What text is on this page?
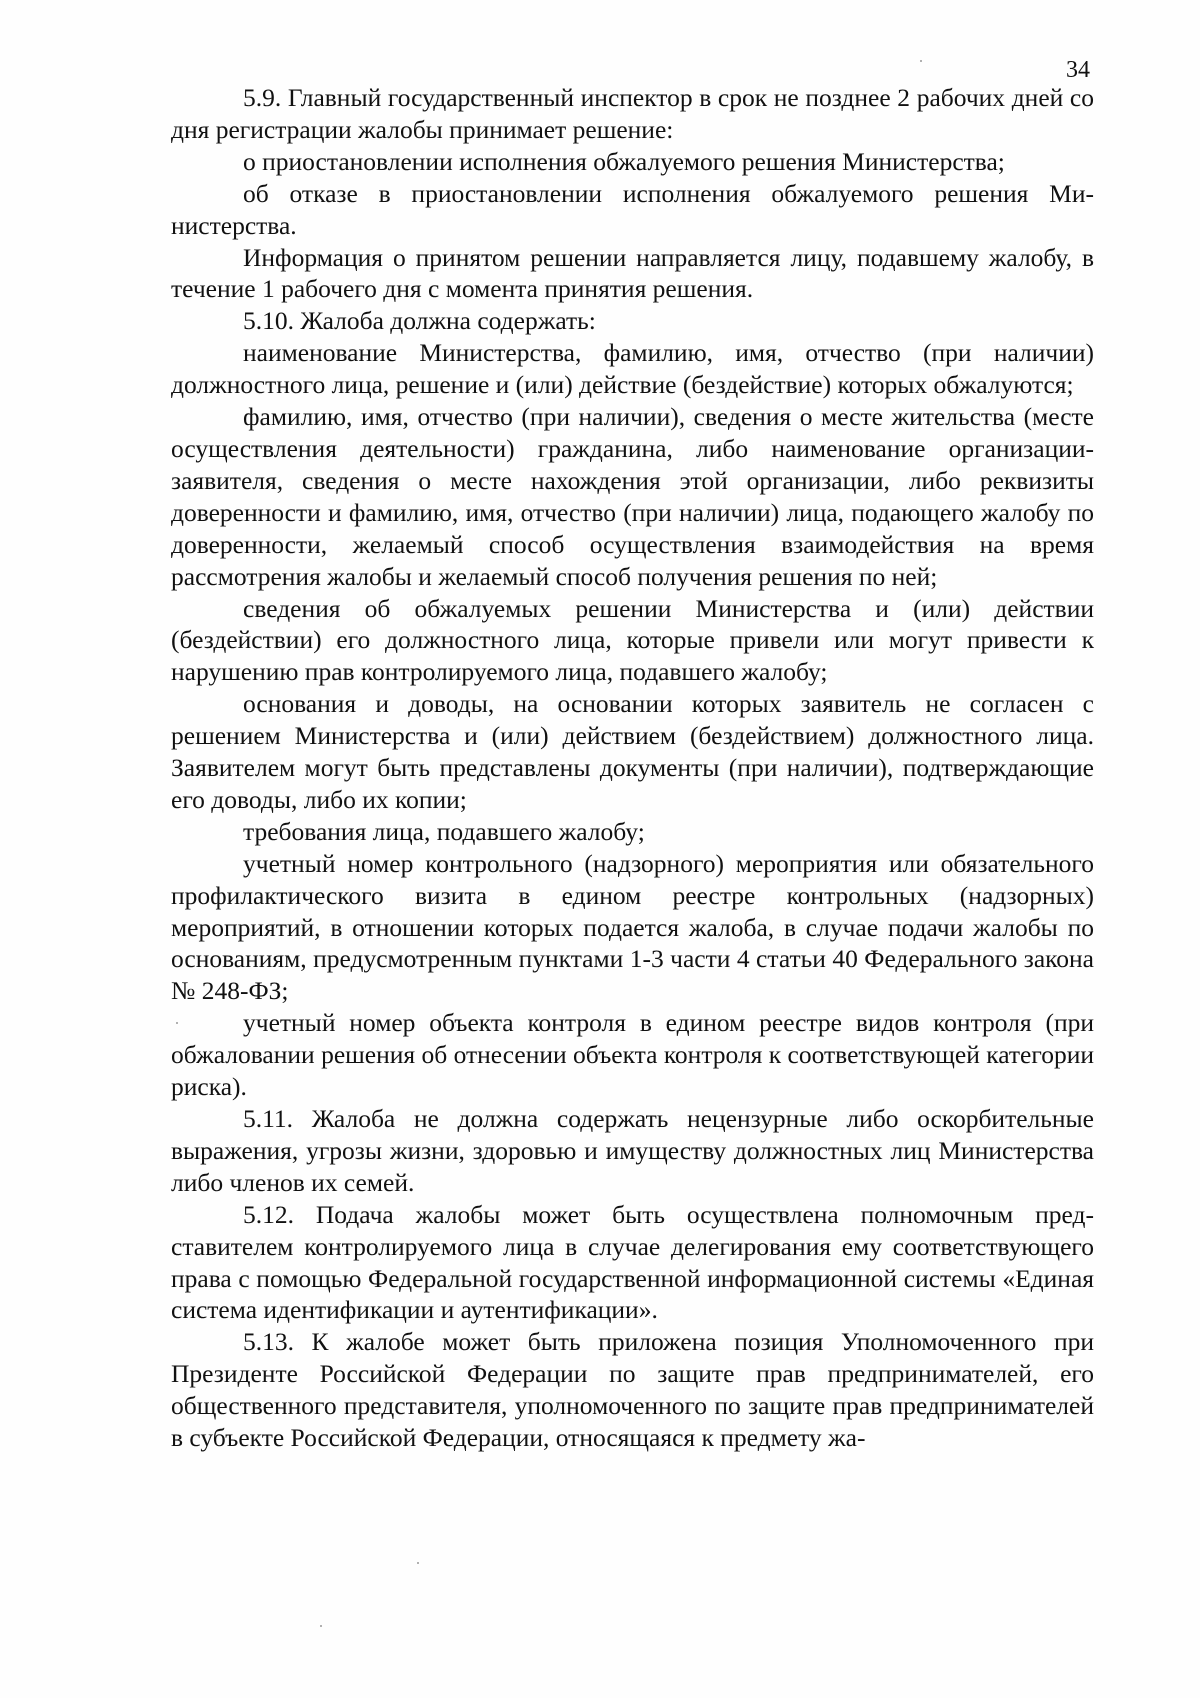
34

5.9. Главный государственный инспектор в срок не позднее 2 рабочих дней со дня регистрации жалобы принимает решение:

о приостановлении исполнения обжалуемого решения Министерства;

об отказе в приостановлении исполнения обжалуемого решения Министерства.

Информация о принятом решении направляется лицу, подавшему жалобу, в течение 1 рабочего дня с момента принятия решения.

5.10. Жалоба должна содержать:

наименование Министерства, фамилию, имя, отчество (при наличии) должностного лица, решение и (или) действие (бездействие) которых обжалуются;

фамилию, имя, отчество (при наличии), сведения о месте жительства (месте осуществления деятельности) гражданина, либо наименование организации-заявителя, сведения о месте нахождения этой организации, либо реквизиты доверенности и фамилию, имя, отчество (при наличии) лица, подающего жалобу по доверенности, желаемый способ осуществления взаимодействия на время рассмотрения жалобы и желаемый способ получения решения по ней;

сведения об обжалуемых решении Министерства и (или) действии (бездействии) его должностного лица, которые привели или могут привести к нарушению прав контролируемого лица, подавшего жалобу;

основания и доводы, на основании которых заявитель не согласен с решением Министерства и (или) действием (бездействием) должностного лица. Заявителем могут быть представлены документы (при наличии), подтверждающие его доводы, либо их копии;

требования лица, подавшего жалобу;

учетный номер контрольного (надзорного) мероприятия или обязательного профилактического визита в едином реестре контрольных (надзорных) мероприятий, в отношении которых подается жалоба, в случае подачи жалобы по основаниям, предусмотренным пунктами 1-3 части 4 статьи 40 Федерального закона № 248-ФЗ;

учетный номер объекта контроля в едином реестре видов контроля (при обжаловании решения об отнесении объекта контроля к соответствующей категории риска).

5.11. Жалоба не должна содержать нецензурные либо оскорбительные выражения, угрозы жизни, здоровью и имуществу должностных лиц Министерства либо членов их семей.

5.12. Подача жалобы может быть осуществлена полномочным представителем контролируемого лица в случае делегирования ему соответствующего права с помощью Федеральной государственной информационной системы «Единая система идентификации и аутентификации».

5.13. К жалобе может быть приложена позиция Уполномоченного при Президенте Российской Федерации по защите прав предпринимателей, его общественного представителя, уполномоченного по защите прав предпринимателей в субъекте Российской Федерации, относящаяся к предмету жа-
